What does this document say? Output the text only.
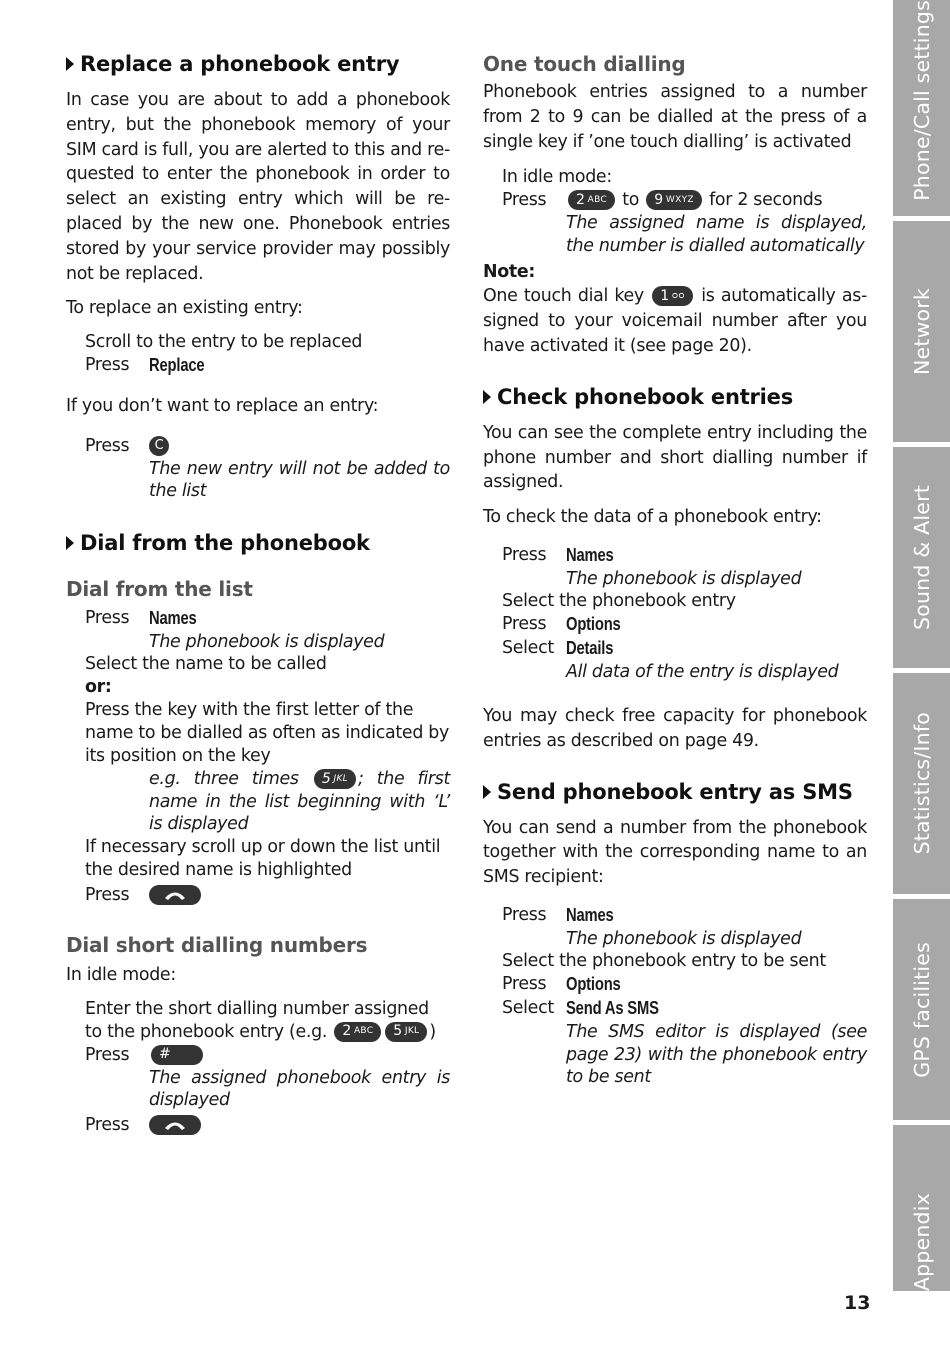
Replace a phonebook entry

In case you are about to add a phonebook entry, but the phonebook memory of your SIM card is full, you are alerted to this and re-quested to enter the phonebook in order to select an existing entry which will be re-placed by the new one. Phonebook entries stored by your service provider may possibly not be replaced.

To replace an existing entry:

Scroll to the entry to be replaced
Press	Replace

If you don’t want to replace an entry:

Press	C
The new entry will not be added to the list
Dial from the phonebook
Dial from the list
Press	Names
The phonebook is displayed
Select the name to be called
or:
Press the key with the first letter of the name to be dialled as often as indicated by its position on the key
e.g. three times 5 JKL ; the first name in the list beginning with ‘L’ is displayed
If necessary scroll up or down the list until the desired name is highlighted
Press
Dial short dialling numbers
In idle mode:
Enter the short dialling number assigned to the phonebook entry (e.g. 2 ABC 5 JKL )
Press	#
The assigned phonebook entry is displayed
Press
One touch dialling

Phonebook entries assigned to a number from 2 to 9 can be dialled at the press of a single key if ’one touch dialling’ is activated

In idle mode:
Press	2 ABC to 9 WXYZ for 2 seconds
The assigned name is displayed, the number is dialled automatically
Note:

One touch dial key 1 ᴑᴑ is automatically as-signed to your voicemail number after you have activated it (see page 20).

Check phonebook entries

You can see the complete entry including the phone number and short dialling number if assigned.

To check the data of a phonebook entry:

Press	Names
The phonebook is displayed
Select the phonebook entry
Press	Options
Select Details
All data of the entry is displayed

You may check free capacity for phonebook entries as described on page 49.

Send phonebook entry as SMS

You can send a number from the phonebook together with the corresponding name to an SMS recipient:

Press	Names
The phonebook is displayed
Select the phonebook entry to be sent
Press	Options
Select Send As SMS
The SMS editor is displayed (see page 23) with the phonebook entry to be sent
Phone/Call settings
Network
Sound & Alert
Statistics/Info
GPS facilities
Appendix
13
